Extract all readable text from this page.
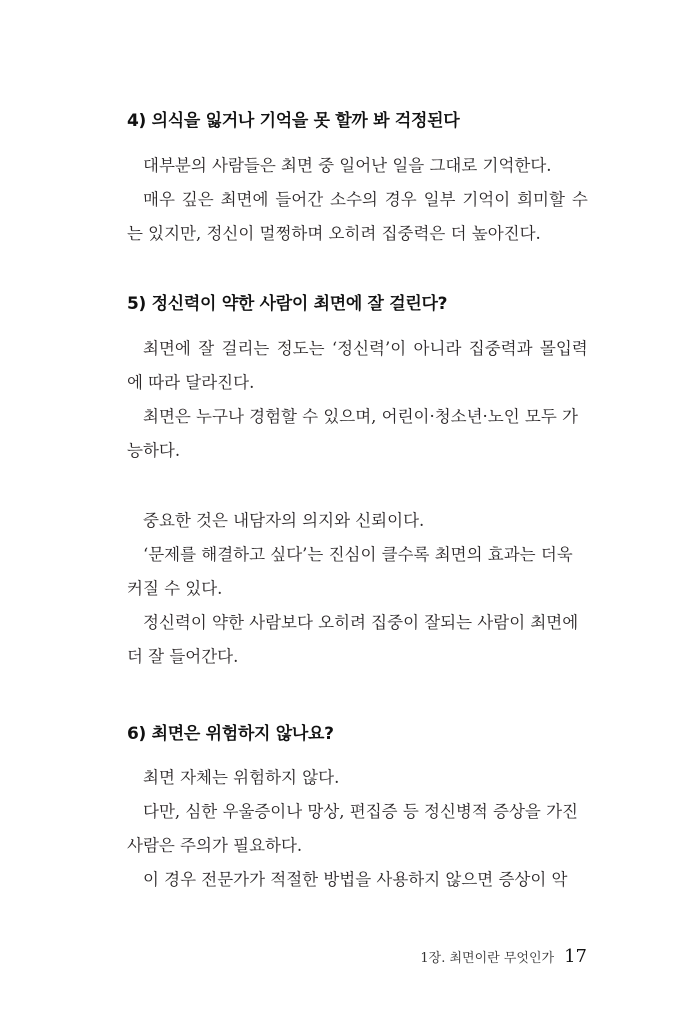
4) 의식을 잃거나 기억을 못 할까 봐 걱정된다
대부분의 사람들은 최면 중 일어난 일을 그대로 기억한다.
매우 깊은 최면에 들어간 소수의 경우 일부 기억이 희미할 수
는 있지만, 정신이 멀쩡하며 오히려 집중력은 더 높아진다.
5) 정신력이 약한 사람이 최면에 잘 걸린다?
최면에 잘 걸리는 정도는 ‘정신력’이 아니라 집중력과 몰입력
에 따라 달라진다.
최면은 누구나 경험할 수 있으며, 어린이·청소년·노인 모두 가
능하다.
중요한 것은 내담자의 의지와 신뢰이다.
‘문제를 해결하고 싶다’는 진심이 클수록 최면의 효과는 더욱
커질 수 있다.
정신력이 약한 사람보다 오히려 집중이 잘되는 사람이 최면에
더 잘 들어간다.
6) 최면은 위험하지 않나요?
최면 자체는 위험하지 않다.
다만, 심한 우울증이나 망상, 편집증 등 정신병적 증상을 가진
사람은 주의가 필요하다.
이 경우 전문가가 적절한 방법을 사용하지 않으면 증상이 악
1장. 최면이란 무엇인가 17
